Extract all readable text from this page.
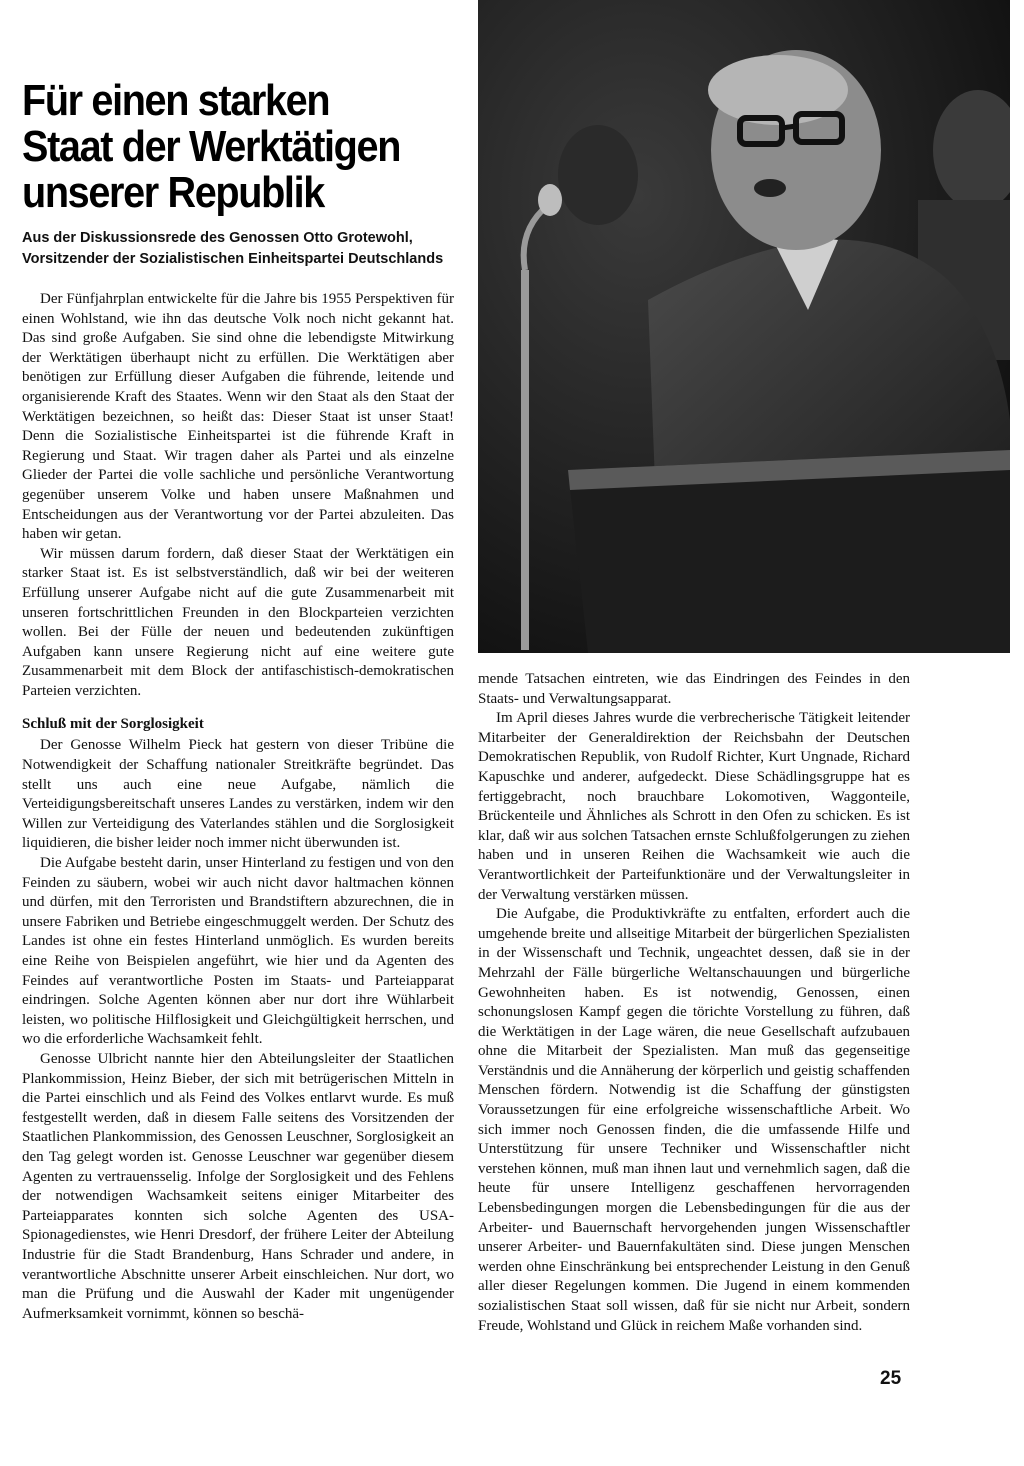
Für einen starken Staat der Werktätigen unserer Republik
Aus der Diskussionsrede des Genossen Otto Grotewohl,
Vorsitzender der Sozialistischen Einheitspartei Deutschlands

Der Fünfjahrplan entwickelte für die Jahre bis 1955 Perspektiven für einen Wohlstand, wie ihn das deutsche Volk noch nicht gekannt hat. Das sind große Aufgaben. Sie sind ohne die lebendigste Mitwirkung der Werktätigen überhaupt nicht zu erfüllen. Die Werktätigen aber benötigen zur Erfüllung dieser Aufgaben die führende, leitende und organisierende Kraft des Staates. Wenn wir den Staat als den Staat der Werktätigen bezeichnen, so heißt das: Dieser Staat ist unser Staat! Denn die Sozialistische Einheitspartei ist die führende Kraft in Regierung und Staat. Wir tragen daher als Partei und als einzelne Glieder der Partei die volle sachliche und persönliche Verantwortung gegenüber unserem Volke und haben unsere Maßnahmen und Entscheidungen aus der Verantwortung vor der Partei abzuleiten. Das haben wir getan.

Wir müssen darum fordern, daß dieser Staat der Werktätigen ein starker Staat ist. Es ist selbstverständlich, daß wir bei der weiteren Erfüllung unserer Aufgabe nicht auf die gute Zusammenarbeit mit unseren fortschrittlichen Freunden in den Blockparteien verzichten wollen. Bei der Fülle der neuen und bedeutenden zukünftigen Aufgaben kann unsere Regierung nicht auf eine weitere gute Zusammenarbeit mit dem Block der antifaschistisch-demokratischen Parteien verzichten.

Schluß mit der Sorglosigkeit

Der Genosse Wilhelm Pieck hat gestern von dieser Tribüne die Notwendigkeit der Schaffung nationaler Streitkräfte begründet. Das stellt uns auch eine neue Aufgabe, nämlich die Verteidigungsbereitschaft unseres Landes zu verstärken, indem wir den Willen zur Verteidigung des Vaterlandes stählen und die Sorglosigkeit liquidieren, die bisher leider noch immer nicht überwunden ist.

Die Aufgabe besteht darin, unser Hinterland zu festigen und von den Feinden zu säubern, wobei wir auch nicht davor haltmachen können und dürfen, mit den Terroristen und Brandstiftern abzurechnen, die in unsere Fabriken und Betriebe eingeschmuggelt werden. Der Schutz des Landes ist ohne ein festes Hinterland unmöglich. Es wurden bereits eine Reihe von Beispielen angeführt, wie hier und da Agenten des Feindes auf verantwortliche Posten im Staats- und Parteiapparat eindringen. Solche Agenten können aber nur dort ihre Wühlarbeit leisten, wo politische Hilflosigkeit und Gleichgültigkeit herrschen, und wo die erforderliche Wachsamkeit fehlt.

Genosse Ulbricht nannte hier den Abteilungsleiter der Staatlichen Plankommission, Heinz Bieber, der sich mit betrügerischen Mitteln in die Partei einschlich und als Feind des Volkes entlarvt wurde. Es muß festgestellt werden, daß in diesem Falle seitens des Vorsitzenden der Staatlichen Plankommission, des Genossen Leuschner, Sorglosigkeit an den Tag gelegt worden ist. Genosse Leuschner war gegenüber diesem Agenten zu vertrauensselig. Infolge der Sorglosigkeit und des Fehlens der notwendigen Wachsamkeit seitens einiger Mitarbeiter des Parteiapparates konnten sich solche Agenten des USA-Spionagedienstes, wie Henri Dresdorf, der frühere Leiter der Abteilung Industrie für die Stadt Brandenburg, Hans Schrader und andere, in verantwortliche Abschnitte unserer Arbeit einschleichen. Nur dort, wo man die Prüfung und die Auswahl der Kader mit ungenügender Aufmerksamkeit vornimmt, können so beschä-

mende Tatsachen eintreten, wie das Eindringen des Feindes in den Staats- und Verwaltungsapparat.

Im April dieses Jahres wurde die verbrecherische Tätigkeit leitender Mitarbeiter der Generaldirektion der Reichsbahn der Deutschen Demokratischen Republik, von Rudolf Richter, Kurt Ungnade, Richard Kapuschke und anderer, aufgedeckt. Diese Schädlingsgruppe hat es fertiggebracht, noch brauchbare Lokomotiven, Waggonteile, Brückenteile und Ähnliches als Schrott in den Ofen zu schicken. Es ist klar, daß wir aus solchen Tatsachen ernste Schlußfolgerungen zu ziehen haben und in unseren Reihen die Wachsamkeit wie auch die Verantwortlichkeit der Parteifunktionäre und der Verwaltungsleiter in der Verwaltung verstärken müssen.

Die Aufgabe, die Produktivkräfte zu entfalten, erfordert auch die umgehende breite und allseitige Mitarbeit der bürgerlichen Spezialisten in der Wissenschaft und Technik, ungeachtet dessen, daß sie in der Mehrzahl der Fälle bürgerliche Weltanschauungen und bürgerliche Gewohnheiten haben. Es ist notwendig, Genossen, einen schonungslosen Kampf gegen die törichte Vorstellung zu führen, daß die Werktätigen in der Lage wären, die neue Gesellschaft aufzubauen ohne die Mitarbeit der Spezialisten. Man muß das gegenseitige Verständnis und die Annäherung der körperlich und geistig schaffenden Menschen fördern. Notwendig ist die Schaffung der günstigsten Voraussetzungen für eine erfolgreiche wissenschaftliche Arbeit. Wo sich immer noch Genossen finden, die die umfassende Hilfe und Unterstützung für unsere Techniker und Wissenschaftler nicht verstehen können, muß man ihnen laut und vernehmlich sagen, daß die heute für unsere Intelligenz geschaffenen hervorragenden Lebensbedingungen morgen die Lebensbedingungen für die aus der Arbeiter- und Bauernschaft hervorgehenden jungen Wissenschaftler unserer Arbeiter- und Bauernfakultäten sind. Diese jungen Menschen werden ohne Einschränkung bei entsprechender Leistung in den Genuß aller dieser Regelungen kommen. Die Jugend in einem kommenden sozialistischen Staat soll wissen, daß für sie nicht nur Arbeit, sondern Freude, Wohlstand und Glück in reichem Maße vorhanden sind.

25
